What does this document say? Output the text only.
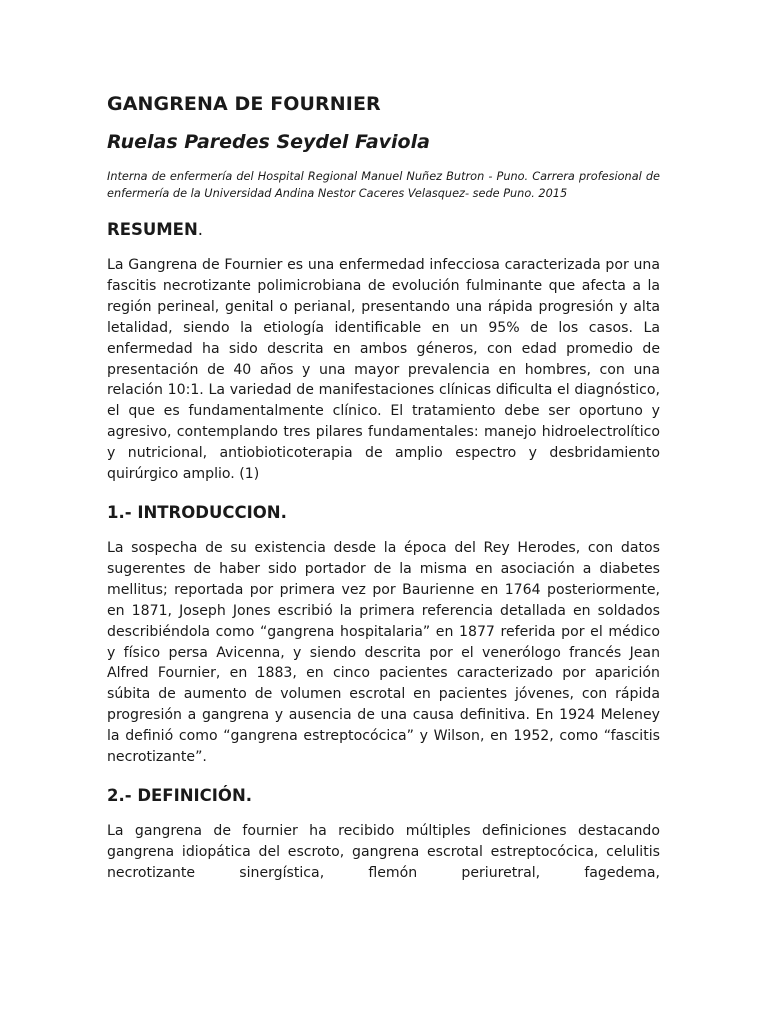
GANGRENA DE FOURNIER
Ruelas Paredes Seydel Faviola

Interna de enfermería del Hospital Regional Manuel Nuñez Butron - Puno. Carrera profesional de enfermería de la Universidad Andina Nestor Caceres Velasquez- sede Puno. 2015

RESUMEN.

La Gangrena de Fournier es una enfermedad infecciosa caracterizada por una fascitis necrotizante polimicrobiana de evolución fulminante que afecta a la región perineal, genital o perianal, presentando una rápida progresión y alta letalidad, siendo la etiología identificable en un 95% de los casos. La enfermedad ha sido descrita en ambos géneros, con edad promedio de presentación de 40 años y una mayor prevalencia en hombres, con una relación 10:1. La variedad de manifestaciones clínicas dificulta el diagnóstico, el que es fundamentalmente clínico. El tratamiento debe ser oportuno y agresivo, contemplando tres pilares fundamentales: manejo hidroelectrolítico y nutricional, antiobioticoterapia de amplio espectro y desbridamiento quirúrgico amplio. (1)

1.- INTRODUCCION.

La sospecha de su existencia desde la época del Rey Herodes, con datos sugerentes de haber sido portador de la misma en asociación a diabetes mellitus; reportada por primera vez por Baurienne en 1764 posteriormente, en 1871, Joseph Jones escribió la primera referencia detallada en soldados describiéndola como “gangrena hospitalaria” en 1877 referida por el médico y físico persa Avicenna, y siendo descrita por el venerólogo francés Jean Alfred Fournier, en 1883, en cinco pacientes caracterizado por aparición súbita de aumento de volumen escrotal en pacientes jóvenes, con rápida progresión a gangrena y ausencia de una causa definitiva. En 1924 Meleney la definió como “gangrena estreptocócica” y Wilson, en 1952, como “fascitis necrotizante”.

2.- DEFINICIÓN.

La gangrena de fournier ha recibido múltiples definiciones destacando gangrena idiopática del escroto, gangrena escrotal estreptocócica, celulitis necrotizante sinergística, flemón periuretral, fagedema,
